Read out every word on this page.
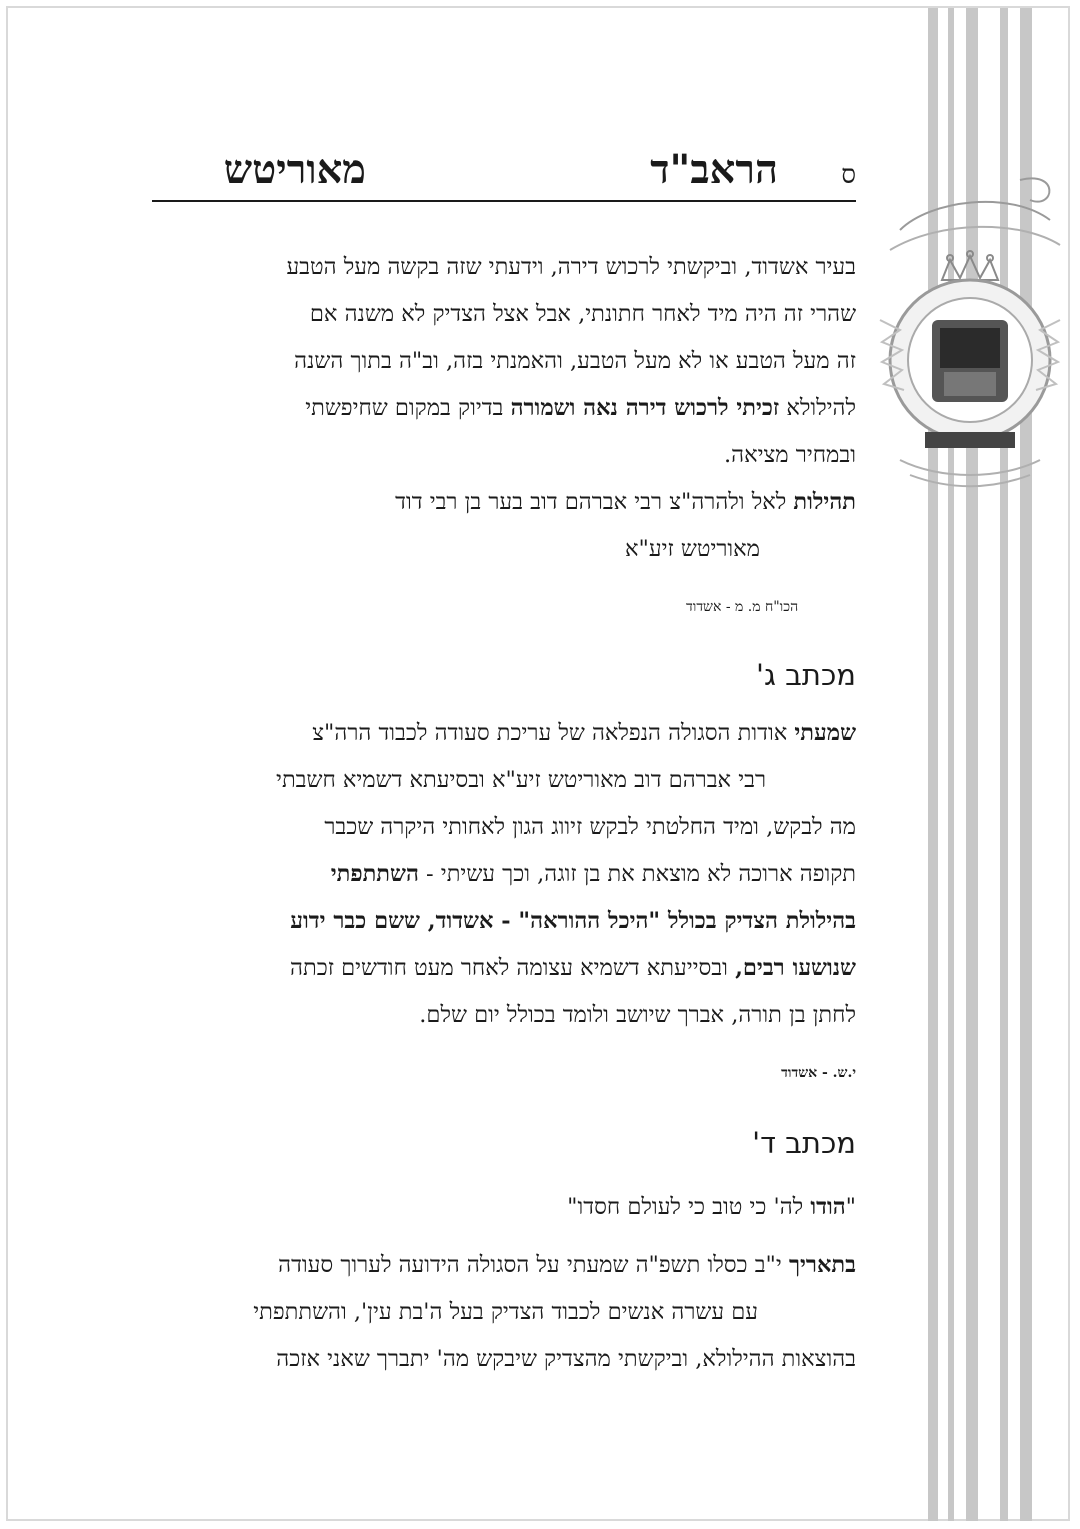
ס
הראב"ד
מאוריטש

בעיר אשדוד, וביקשתי לרכוש דירה, וידעתי שזה בקשה מעל הטבע

שהרי זה היה מיד לאחר חתונתי, אבל אצל הצדיק לא משנה אם

זה מעל הטבע או לא מעל הטבע, והאמנתי בזה, וב"ה בתוך השנה

להילולא זכיתי לרכוש דירה נאה ושמורה בדיוק במקום שחיפשתי

ובמחיר מציאה.

תהילות לאל ולהרה"צ רבי אברהם דוב בער בן רבי דוד

מאוריטש זיע"א

הכו"ח מ. מ - אשדוד

מכתב ג'

שמעתי אודות הסגולה הנפלאה של עריכת סעודה לכבוד הרה"צ

רבי אברהם דוב מאוריטש זיע"א ובסיעתא דשמיא חשבתי

מה לבקש, ומיד החלטתי לבקש זיווג הגון לאחותי היקרה שכבר

תקופה ארוכה לא מוצאת את בן זוגה, וכך עשיתי - השתתפתי

בהילולת הצדיק בכולל "היכל ההוראה" - אשדוד, ששם כבר ידוע

שנושעו רבים, ובסייעתא דשמיא עצומה לאחר מעט חודשים זכתה

לחתן בן תורה, אברך שיושב ולומד בכולל יום שלם.

י.ש. - אשדוד

מכתב ד'

"הודו לה' כי טוב כי לעולם חסדו"

בתאריך י"ב כסלו תשפ"ה שמעתי על הסגולה הידועה לערוך סעודה

עם עשרה אנשים לכבוד הצדיק בעל ה'בת עין', והשתתפתי

בהוצאות ההילולא, וביקשתי מהצדיק שיבקש מה' יתברך שאני אזכה
